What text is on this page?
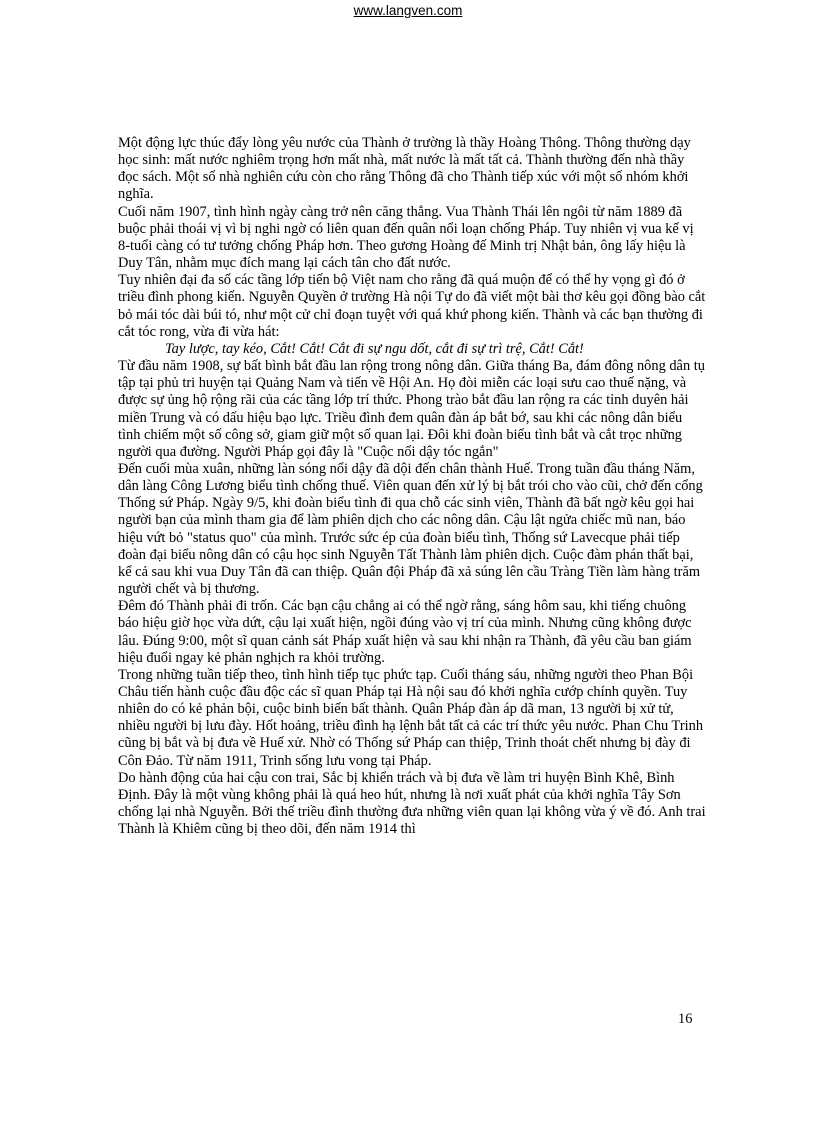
www.langven.com

Một động lực thúc đẩy lòng yêu nước của Thành ở trường là thầy Hoàng Thông. Thông thường dạy học sinh: mất nước nghiêm trọng hơn mất nhà, mất nước là mất tất cả. Thành thường đến nhà thầy đọc sách. Một số nhà nghiên cứu còn cho rằng Thông đã cho Thành tiếp xúc với một số nhóm khởi nghĩa.

Cuối năm 1907, tình hình ngày càng trở nên căng thẳng. Vua Thành Thái lên ngôi từ năm 1889 đã buộc phải thoái vị vì bị nghi ngờ có liên quan đến quân nổi loạn chống Pháp. Tuy nhiên vị vua kế vị 8-tuổi càng có tư tưởng chống Pháp hơn. Theo gương Hoàng đế Minh trị Nhật bản, ông lấy hiệu là Duy Tân, nhằm mục đích mang lại cách tân cho đất nước.

Tuy nhiên đại đa số các tầng lớp tiến bộ Việt nam cho rằng đã quá muộn để có thể hy vọng gì đó ở triều đình phong kiến. Nguyễn Quyền ở trường Hà nội Tự do đã viết một bài thơ kêu gọi đồng bào cắt bỏ mái tóc dài búi tó, như một cử chỉ đoạn tuyệt với quá khứ phong kiến. Thành và các bạn thường đi cắt tóc rong, vừa đi vừa hát:

Tay lược, tay kéo, Cắt! Cắt! Cắt đi sự ngu dốt, cắt đi sự trì trệ, Cắt! Cắt!

Từ đầu năm 1908, sự bất bình bắt đầu lan rộng trong nông dân. Giữa tháng Ba, đám đông nông dân tụ tập tại phủ tri huyện tại Quảng Nam và tiến về Hội An. Họ đòi miễn các loại sưu cao thuế nặng, và được sự ủng hộ rộng rãi của các tầng lớp trí thức. Phong trào bắt đầu lan rộng ra các tỉnh duyên hải miền Trung và có dấu hiệu bạo lực. Triều đình đem quân đàn áp bắt bớ, sau khi các nông dân biểu tình chiếm một số công sở, giam giữ một số quan lại. Đôi khi đoàn biểu tình bắt và cắt trọc những người qua đường. Người Pháp gọi đây là "Cuộc nổi dậy tóc ngắn"

Đến cuối mùa xuân, những làn sóng nổi dậy đã dội đến chân thành Huế. Trong tuần đầu tháng Năm, dân làng Công Lương biểu tình chống thuế. Viên quan đến xử lý bị bắt trói cho vào cũi, chở đến cổng Thống sứ Pháp. Ngày 9/5, khi đoàn biểu tình đi qua chỗ các sinh viên, Thành đã bất ngờ kêu gọi hai người bạn của mình tham gia để làm phiên dịch cho các nông dân. Cậu lật ngửa chiếc mũ nan, báo hiệu vứt bỏ "status quo" của mình. Trước sức ép của đoàn biểu tình, Thống sứ Lavecque phải tiếp đoàn đại biểu nông dân có cậu học sinh Nguyễn Tất Thành làm phiên dịch. Cuộc đàm phán thất bại, kể cả sau khi vua Duy Tân đã can thiệp. Quân đội Pháp đã xả súng lên cầu Tràng Tiền làm hàng trăm người chết và bị thương.

Đêm đó Thành phải đi trốn. Các bạn cậu chẳng ai có thể ngờ rằng, sáng hôm sau, khi tiếng chuông báo hiệu giờ học vừa dứt, cậu lại xuất hiện, ngồi đúng vào vị trí của mình. Nhưng cũng không được lâu. Đúng 9:00, một sĩ quan cảnh sát Pháp xuất hiện và sau khi nhận ra Thành, đã yêu cầu ban giám hiệu đuổi ngay kẻ phản nghịch ra khỏi trường.

Trong những tuần tiếp theo, tình hình tiếp tục phức tạp. Cuối tháng sáu, những người theo Phan Bội Châu tiến hành cuộc đầu độc các sĩ quan Pháp tại Hà nội sau đó khởi nghĩa cướp chính quyền. Tuy nhiên do có kẻ phản bội, cuộc binh biến bất thành. Quân Pháp đàn áp dã man, 13 người bị xử tử, nhiều người bị lưu đày. Hốt hoảng, triều đình hạ lệnh bắt tất cả các trí thức yêu nước. Phan Chu Trinh cũng bị bắt và bị đưa về Huế xử. Nhờ có Thống sứ Pháp can thiệp, Trinh thoát chết nhưng bị đày đi Côn Đảo. Từ năm 1911, Trinh sống lưu vong tại Pháp.

Do hành động của hai cậu con trai, Sắc bị khiển trách và bị đưa về làm tri huyện Bình Khê, Bình Định. Đây là một vùng không phải là quá heo hút, nhưng là nơi xuất phát của khởi nghĩa Tây Sơn chống lại nhà Nguyễn. Bởi thế triều đình thường đưa những viên quan lại không vừa ý về đó. Anh trai Thành là Khiêm cũng bị theo dõi, đến năm 1914 thì

16
